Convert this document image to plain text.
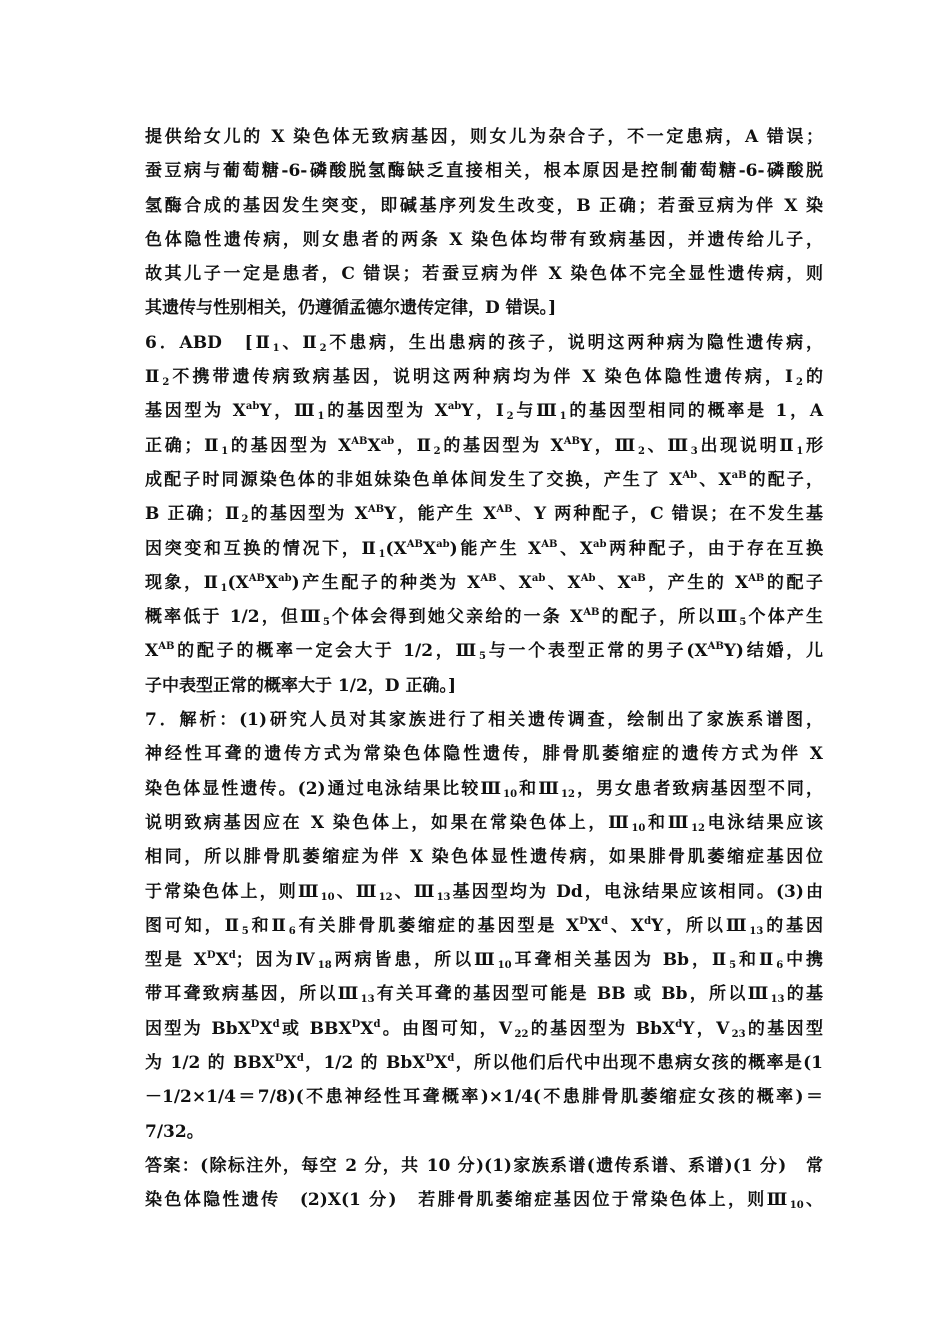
提供给女儿的 X 染色体无致病基因，则女儿为杂合子，不一定患病，A 错误；
蚕豆病与葡萄糖-6-磷酸脱氢酶缺乏直接相关，根本原因是控制葡萄糖-6-磷酸脱
氢酶合成的基因发生突变，即碱基序列发生改变，B 正确；若蚕豆病为伴 X 染
色体隐性遗传病，则女患者的两条 X 染色体均带有致病基因，并遗传给儿子，
故其儿子一定是患者，C 错误；若蚕豆病为伴 X 染色体不完全显性遗传病，则
其遗传与性别相关，仍遵循孟德尔遗传定律，D 错误。]
6．ABD　[$Ⅱ_1$、$Ⅱ_2$不患病，生出患病的孩子，说明这两种病为隐性遗传病，
$Ⅱ_2$不携带遗传病致病基因，说明这两种病均为伴 X 染色体隐性遗传病，$Ⅰ_2$的
基因型为 $X^{ab}Y$，$Ⅲ_1$的基因型为 $X^{ab}Y$，$Ⅰ_2$与$Ⅲ_1$的基因型相同的概率是 1，A
正确；$Ⅱ_1$的基因型为 $X^{AB}X^{ab}$，$Ⅱ_2$的基因型为 $X^{AB}Y$，$Ⅲ_2$、$Ⅲ_3$出现说明$Ⅱ_1$形
成配子时同源染色体的非姐妹染色单体间发生了交换，产生了 $X^{Ab}$、$X^{aB}$的配子，
B 正确；$Ⅱ_2$的基因型为 $X^{AB}Y$，能产生 $X^{AB}$、Y 两种配子，C 错误；在不发生基
因突变和互换的情况下，$Ⅱ_1(X^{AB}X^{ab})$能产生 $X^{AB}$、$X^{ab}$两种配子，由于存在互换
现象，$Ⅱ_1(X^{AB}X^{ab})$产生配子的种类为 $X^{AB}$、$X^{ab}$、$X^{Ab}$、$X^{aB}$，产生的 $X^{AB}$的配子
概率低于 1/2，但$Ⅲ_5$个体会得到她父亲给的一条 $X^{AB}$的配子，所以$Ⅲ_5$个体产生
$X^{AB}$的配子的概率一定会大于 1/2，$Ⅲ_5$与一个表型正常的男子$(X^{AB}Y)$结婚，儿
子中表型正常的概率大于 1/2，D 正确。]
7．解析：(1)研究人员对其家族进行了相关遗传调查，绘制出了家族系谱图，
神经性耳聋的遗传方式为常染色体隐性遗传，腓骨肌萎缩症的遗传方式为伴 X
染色体显性遗传。(2)通过电泳结果比较$Ⅲ_{10}$和$Ⅲ_{12}$，男女患者致病基因型不同，
说明致病基因应在 X 染色体上，如果在常染色体上，$Ⅲ_{10}$和$Ⅲ_{12}$电泳结果应该
相同，所以腓骨肌萎缩症为伴 X 染色体显性遗传病，如果腓骨肌萎缩症基因位
于常染色体上，则$Ⅲ_{10}$、$Ⅲ_{12}$、$Ⅲ_{13}$基因型均为 Dd，电泳结果应该相同。(3)由
图可知，$Ⅱ_5$和$Ⅱ_6$有关腓骨肌萎缩症的基因型是 $X^DX^d$、$X^dY$，所以$Ⅲ_{13}$的基因
型是 $X^DX^d$；因为$Ⅳ_{18}$两病皆患，所以$Ⅲ_{10}$耳聋相关基因为 Bb，$Ⅱ_5$和$Ⅱ_6$中携
带耳聋致病基因，所以$Ⅲ_{13}$有关耳聋的基因型可能是 BB 或 Bb，所以$Ⅲ_{13}$的基
因型为 $BbX^DX^d$或 $BBX^DX^d$。由图可知，$Ⅴ_{22}$的基因型为 BbX$^d$Y，$Ⅴ_{23}$的基因型
为 1/2 的 $BBX^DX^d$，1/2 的 $BbX^DX^d$，所以他们后代中出现不患病女孩的概率是(1
－1/2×1/4＝7/8)(不患神经性耳聋概率)×1/4(不患腓骨肌萎缩症女孩的概率)＝
7/32。
答案：(除标注外，每空 2 分，共 10 分)(1)家族系谱(遗传系谱、系谱)(1 分)　常
染色体隐性遗传　(2)X(1 分)　若腓骨肌萎缩症基因位于常染色体上，则$Ⅲ_{10}$、
